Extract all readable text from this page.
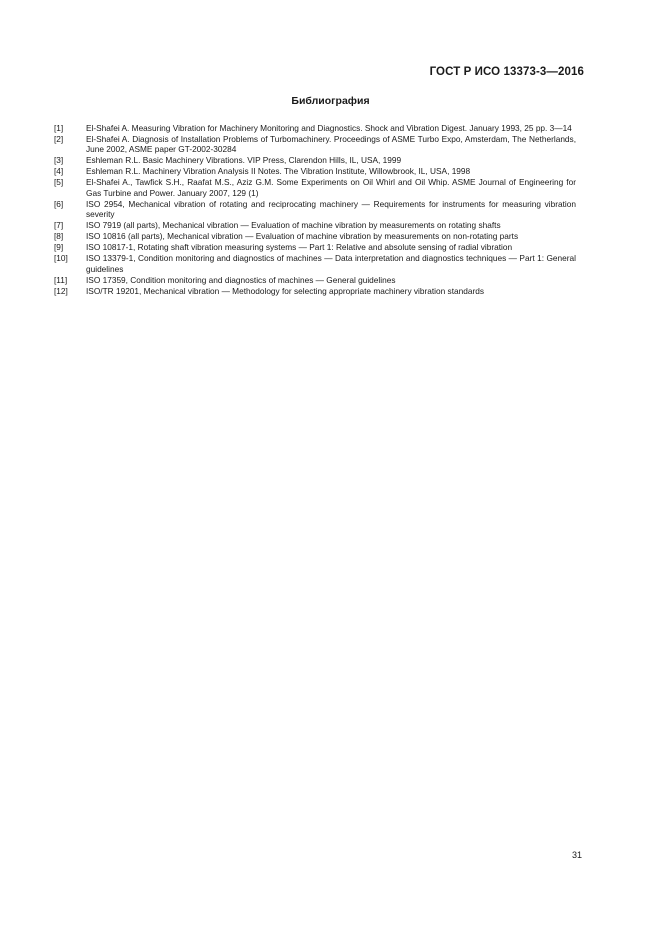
ГОСТ Р ИСО 13373-3—2016
Библиография
[1]	El-Shafei A. Measuring Vibration for Machinery Monitoring and Diagnostics. Shock and Vibration Digest. January 1993, 25 pp. 3—14
[2]	El-Shafei A. Diagnosis of Installation Problems of Turbomachinery. Proceedings of ASME Turbo Expo, Amsterdam, The Netherlands, June 2002, ASME paper GT-2002-30284
[3]	Eshleman R.L. Basic Machinery Vibrations. VIP Press, Clarendon Hills, IL, USA, 1999
[4]	Eshleman R.L. Machinery Vibration Analysis II Notes. The Vibration Institute, Willowbrook, IL, USA, 1998
[5]	El-Shafei A., Tawfick S.H., Raafat M.S., Aziz G.M. Some Experiments on Oil Whirl and Oil Whip. ASME Journal of Engineering for Gas Turbine and Power. January 2007, 129 (1)
[6]	ISO 2954, Mechanical vibration of rotating and reciprocating machinery — Requirements for instruments for measuring vibration severity
[7]	ISO 7919 (all parts), Mechanical vibration — Evaluation of machine vibration by measurements on rotating shafts
[8]	ISO 10816 (all parts), Mechanical vibration — Evaluation of machine vibration by measurements on non-rotating parts
[9]	ISO 10817-1, Rotating shaft vibration measuring systems — Part 1: Relative and absolute sensing of radial vibration
[10]	ISO 13379-1, Condition monitoring and diagnostics of machines — Data interpretation and diagnostics techniques — Part 1: General guidelines
[11]	ISO 17359, Condition monitoring and diagnostics of machines — General guidelines
[12]	ISO/TR 19201, Mechanical vibration — Methodology for selecting appropriate machinery vibration standards
31
